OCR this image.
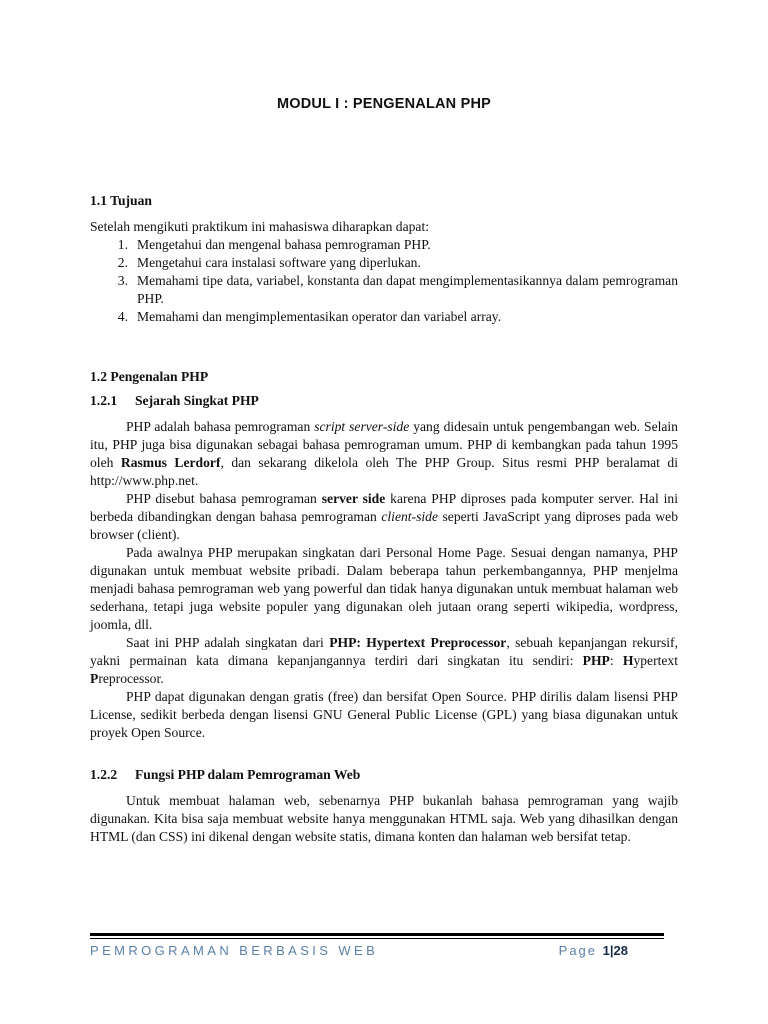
MODUL I : PENGENALAN PHP
1.1 Tujuan
Setelah mengikuti praktikum ini mahasiswa diharapkan dapat:
1. Mengetahui dan mengenal bahasa pemrograman PHP.
2. Mengetahui cara instalasi software yang diperlukan.
3. Memahami tipe data, variabel, konstanta dan dapat mengimplementasikannya dalam pemrograman PHP.
4. Memahami dan mengimplementasikan operator dan variabel array.
1.2 Pengenalan PHP
1.2.1	Sejarah Singkat PHP

PHP adalah bahasa pemrograman script server-side yang didesain untuk pengembangan web. Selain itu, PHP juga bisa digunakan sebagai bahasa pemrograman umum. PHP di kembangkan pada tahun 1995 oleh Rasmus Lerdorf, dan sekarang dikelola oleh The PHP Group. Situs resmi PHP beralamat di http://www.php.net.

PHP disebut bahasa pemrograman server side karena PHP diproses pada komputer server. Hal ini berbeda dibandingkan dengan bahasa pemrograman client-side seperti JavaScript yang diproses pada web browser (client).

Pada awalnya PHP merupakan singkatan dari Personal Home Page. Sesuai dengan namanya, PHP digunakan untuk membuat website pribadi. Dalam beberapa tahun perkembangannya, PHP menjelma menjadi bahasa pemrograman web yang powerful dan tidak hanya digunakan untuk membuat halaman web sederhana, tetapi juga website populer yang digunakan oleh jutaan orang seperti wikipedia, wordpress, joomla, dll.

Saat ini PHP adalah singkatan dari PHP: Hypertext Preprocessor, sebuah kepanjangan rekursif, yakni permainan kata dimana kepanjangannya terdiri dari singkatan itu sendiri: PHP: Hypertext Preprocessor.

PHP dapat digunakan dengan gratis (free) dan bersifat Open Source. PHP dirilis dalam lisensi PHP License, sedikit berbeda dengan lisensi GNU General Public License (GPL) yang biasa digunakan untuk proyek Open Source.

1.2.2	Fungsi PHP dalam Pemrograman Web

Untuk membuat halaman web, sebenarnya PHP bukanlah bahasa pemrograman yang wajib digunakan. Kita bisa saja membuat website hanya menggunakan HTML saja. Web yang dihasilkan dengan HTML (dan CSS) ini dikenal dengan website statis, dimana konten dan halaman web bersifat tetap.

PEMROGRAMAN BERBASIS WEB	Page 1|28
